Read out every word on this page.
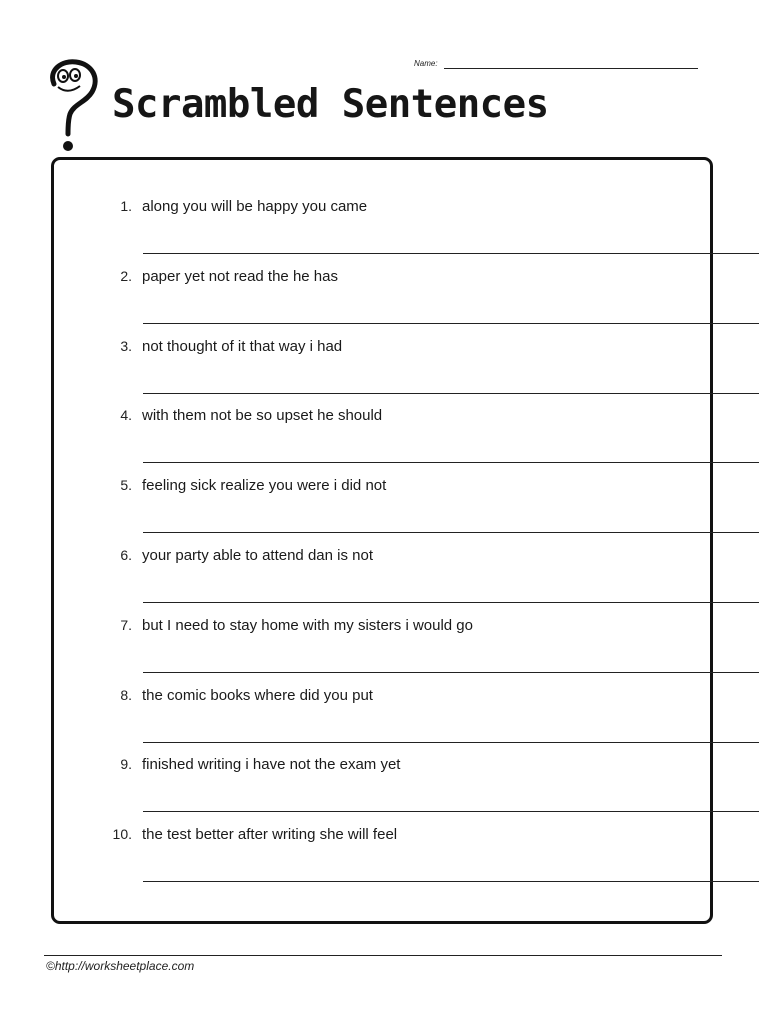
Name:
Scrambled Sentences
1. along you will be happy you came
2. paper yet not read the he has
3. not thought of it that way i had
4. with them not be so upset he should
5. feeling sick realize you were i did not
6. your party able to attend dan is not
7. but I need to stay home with my sisters i would go
8. the comic books where did you put
9. finished writing i have not the exam yet
10. the test better after writing she will feel
©http://worksheetplace.com
